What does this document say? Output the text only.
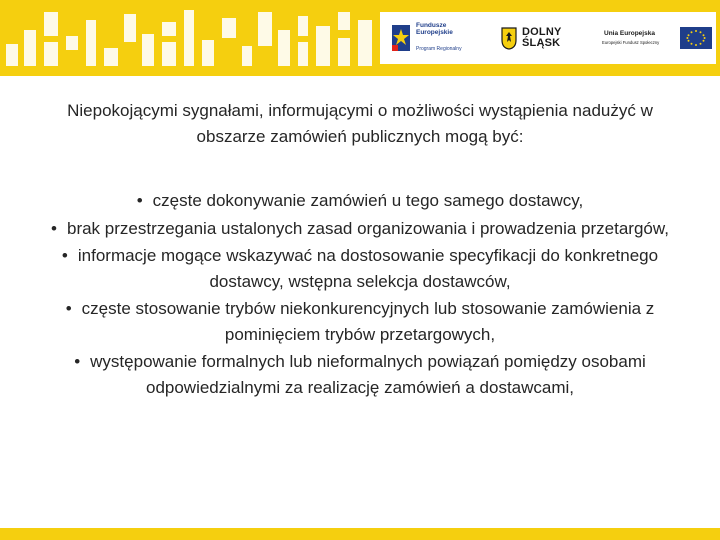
Fundusze
Europejskie
Program Regionalny
DOLNY
ŚLĄSK
Unia Europejska
Europejski Fundusz Społeczny
Niepokojącymi sygnałami, informującymi o możliwości wystąpienia nadużyć w obszarze zamówień publicznych mogą być:
• częste dokonywanie zamówień u tego samego dostawcy,
• brak przestrzegania ustalonych zasad organizowania i prowadzenia przetargów,
• informacje mogące wskazywać na dostosowanie specyfikacji do konkretnego dostawcy, wstępna selekcja dostawców,
• częste stosowanie trybów niekonkurencyjnych lub stosowanie zamówienia z pominięciem trybów przetargowych,
• występowanie formalnych lub nieformalnych powiązań pomiędzy osobami odpowiedzialnymi za realizację zamówień a dostawcami,
